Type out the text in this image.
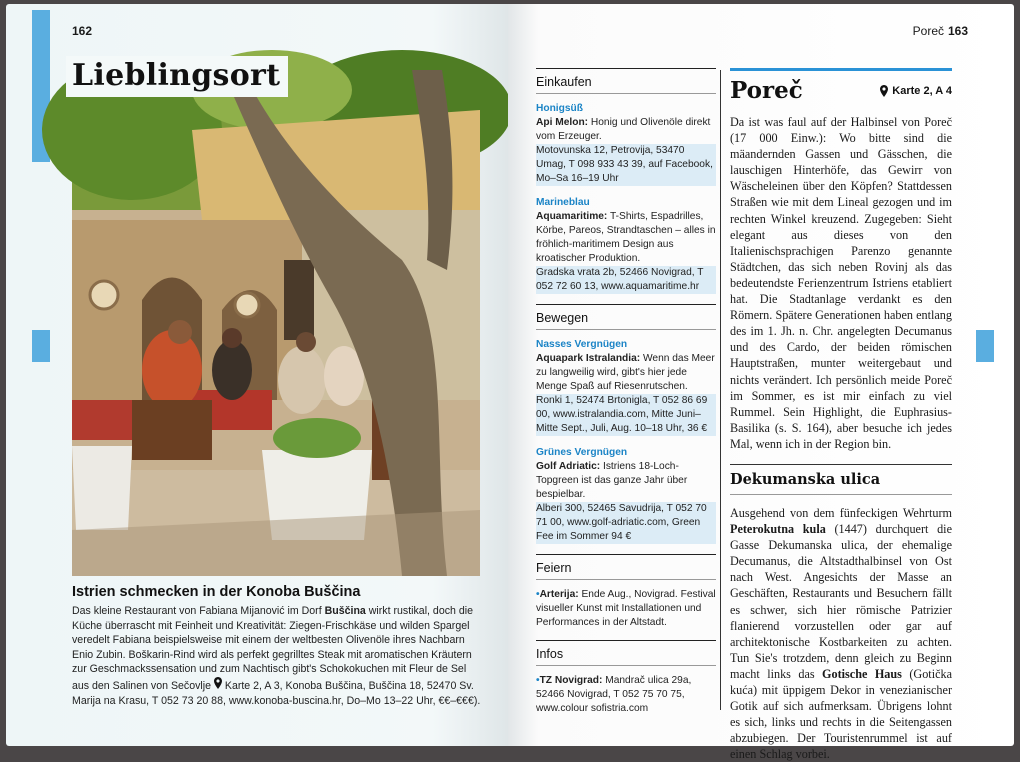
162
Lieblingsort
Istrien schmecken in der Konoba Buščina
Das kleine Restaurant von Fabiana Mijanović im Dorf Buščina wirkt rustikal, doch die Küche überrascht mit Feinheit und Kreativität: Ziegen-Frischkäse und wilden Spargel veredelt Fabiana beispielsweise mit einem der weltbesten Olivenöle ihres Nachbarn Enio Zubin. Boškarin-Rind wird als perfekt gegrilltes Steak mit aromatischen Kräutern zur Geschmackssensation und zum Nachtisch gibt's Schokokuchen mit Fleur de Sel aus den Salinen von Sečovlje  Karte 2, A 3, Konoba Buščina, Buščina 18, 52470 Sv. Marija na Krasu, T 052 73 20 88, www.konoba-buscina.hr, Do–Mo 13–22 Uhr, €€–€€€).
Poreč 163
Einkaufen
Honigsüß
Api Melon: Honig und Olivenöle direkt vom Erzeuger.
Motovunska 12, Petrovija, 53470 Umag, T 098 933 43 39, auf Facebook, Mo–Sa 16–19 Uhr
Marineblau
Aquamaritime: T-Shirts, Espadrilles, Körbe, Pareos, Strandtaschen – alles in fröhlich-maritimem Design aus kroatischer Produktion.
Gradska vrata 2b, 52466 Novigrad, T 052 72 60 13, www.aquamaritime.hr
Bewegen
Nasses Vergnügen
Aquapark Istralandia: Wenn das Meer zu langweilig wird, gibt's hier jede Menge Spaß auf Riesenrutschen.
Ronki 1, 52474 Brtonigla, T 052 86 69 00, www.istralandia.com, Mitte Juni–Mitte Sept., Juli, Aug. 10–18 Uhr, 36 €
Grünes Vergnügen
Golf Adriatic: Istriens 18-Loch-Topgreen ist das ganze Jahr über bespielbar.
Alberi 300, 52465 Savudrija, T 052 70 71 00, www.golf-adriatic.com, Green Fee im Sommer 94 €
Feiern
•Arterija: Ende Aug., Novigrad. Festival visueller Kunst mit Installationen und Performances in der Altstadt.
Infos
•TZ Novigrad: Mandrač ulica 29a, 52466 Novigrad, T 052 75 70 75, www.colour sofistria.com
Poreč	Karte 2, A 4

Da ist was faul auf der Halbinsel von Poreč (17 000 Einw.): Wo bitte sind die mäandernden Gassen und Gässchen, die lauschigen Hinterhöfe, das Gewirr von Wäscheleinen über den Köpfen? Stattdessen Straßen wie mit dem Lineal gezogen und im rechten Winkel kreuzend. Zugegeben: Sieht elegant aus dieses von den Italienischsprachigen Parenzo genannte Städtchen, das sich neben Rovinj als das bedeutendste Ferienzentrum Istriens etabliert hat. Die Stadtanlage verdankt es den Römern. Spätere Generationen haben entlang des im 1. Jh. n. Chr. angelegten Decumanus und des Cardo, der beiden römischen Hauptstraßen, munter weitergebaut und nichts verändert. Ich persönlich meide Poreč im Sommer, es ist mir einfach zu viel Rummel. Sein Highlight, die Euphrasius-Basilika (s. S. 164), aber besuche ich jedes Mal, wenn ich in der Region bin.

Dekumanska ulica

Ausgehend von dem fünfeckigen Wehrturm Peterokutna kula (1447) durchquert die Gasse Dekumanska ulica, der ehemalige Decumanus, die Altstadthalbinsel von Ost nach West. Angesichts der Masse an Geschäften, Restaurants und Besuchern fällt es schwer, sich hier römische Patrizier flanierend vorzustellen oder gar auf architektonische Kostbarkeiten zu achten. Tun Sie's trotzdem, denn gleich zu Beginn macht links das Gotische Haus (Gotička kuća) mit üppigem Dekor in venezianischer Gotik auf sich aufmerksam. Übrigens lohnt es sich, links und rechts in die Seitengassen abzubiegen. Der Touristenrummel ist auf einen Schlag vorbei.
